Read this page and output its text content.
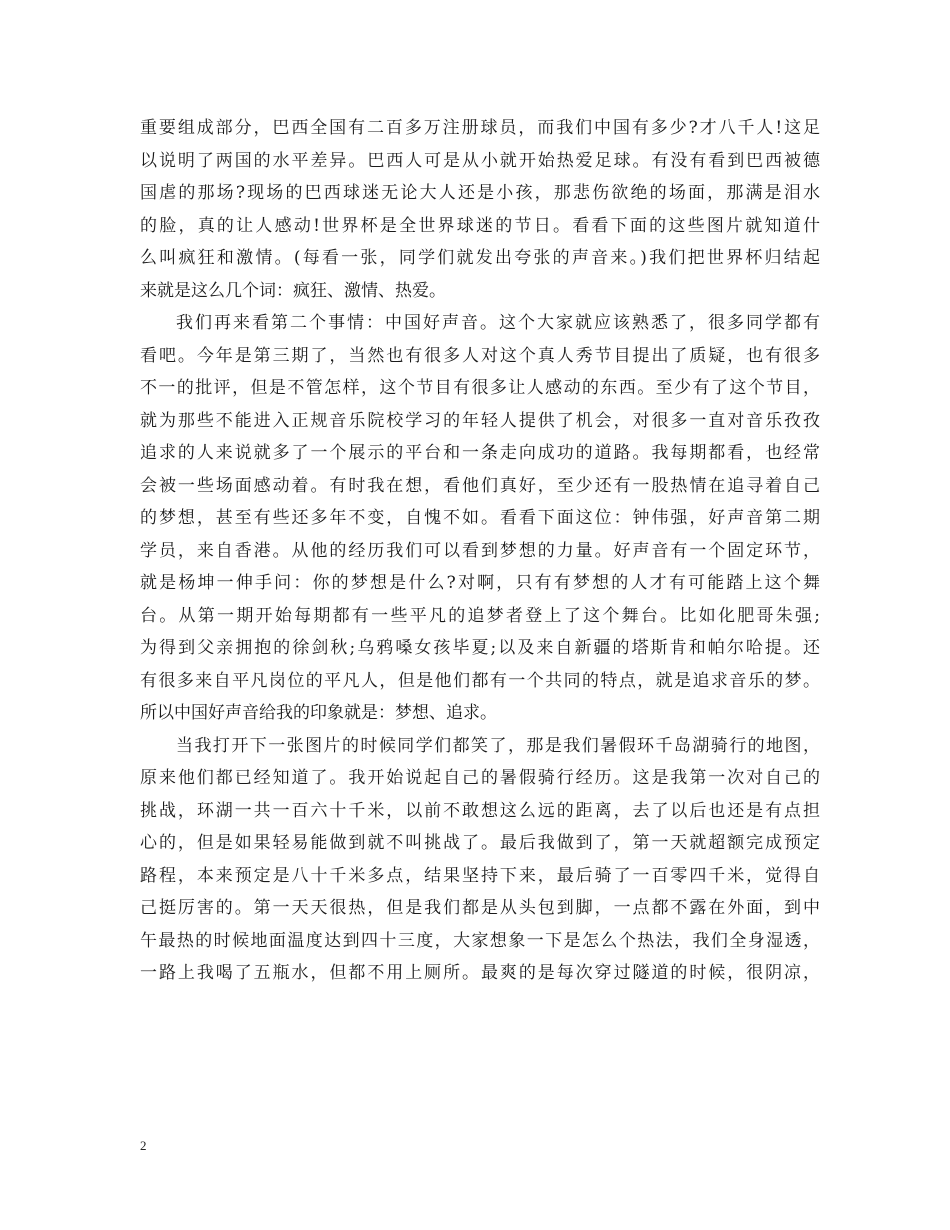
重要组成部分，巴西全国有二百多万注册球员，而我们中国有多少?才八千人!这足
以说明了两国的水平差异。巴西人可是从小就开始热爱足球。有没有看到巴西被德
国虐的那场?现场的巴西球迷无论大人还是小孩，那悲伤欲绝的场面，那满是泪水
的脸，真的让人感动!世界杯是全世界球迷的节日。看看下面的这些图片就知道什
么叫疯狂和激情。(每看一张，同学们就发出夸张的声音来。)我们把世界杯归结起
来就是这么几个词：疯狂、激情、热爱。
我们再来看第二个事情：中国好声音。这个大家就应该熟悉了，很多同学都有
看吧。今年是第三期了，当然也有很多人对这个真人秀节目提出了质疑，也有很多
不一的批评，但是不管怎样，这个节目有很多让人感动的东西。至少有了这个节目，
就为那些不能进入正规音乐院校学习的年轻人提供了机会，对很多一直对音乐孜孜
追求的人来说就多了一个展示的平台和一条走向成功的道路。我每期都看，也经常
会被一些场面感动着。有时我在想，看他们真好，至少还有一股热情在追寻着自己
的梦想，甚至有些还多年不变，自愧不如。看看下面这位：钟伟强，好声音第二期
学员，来自香港。从他的经历我们可以看到梦想的力量。好声音有一个固定环节，
就是杨坤一伸手问：你的梦想是什么?对啊，只有有梦想的人才有可能踏上这个舞
台。从第一期开始每期都有一些平凡的追梦者登上了这个舞台。比如化肥哥朱强;
为得到父亲拥抱的徐剑秋;乌鸦嗓女孩毕夏;以及来自新疆的塔斯肯和帕尔哈提。还
有很多来自平凡岗位的平凡人，但是他们都有一个共同的特点，就是追求音乐的梦。
所以中国好声音给我的印象就是：梦想、追求。
当我打开下一张图片的时候同学们都笑了，那是我们暑假环千岛湖骑行的地图，
原来他们都已经知道了。我开始说起自己的暑假骑行经历。这是我第一次对自己的
挑战，环湖一共一百六十千米，以前不敢想这么远的距离，去了以后也还是有点担
心的，但是如果轻易能做到就不叫挑战了。最后我做到了，第一天就超额完成预定
路程，本来预定是八十千米多点，结果坚持下来，最后骑了一百零四千米，觉得自
己挺厉害的。第一天天很热，但是我们都是从头包到脚，一点都不露在外面，到中
午最热的时候地面温度达到四十三度，大家想象一下是怎么个热法，我们全身湿透，
一路上我喝了五瓶水，但都不用上厕所。最爽的是每次穿过隧道的时候，很阴凉，
2
